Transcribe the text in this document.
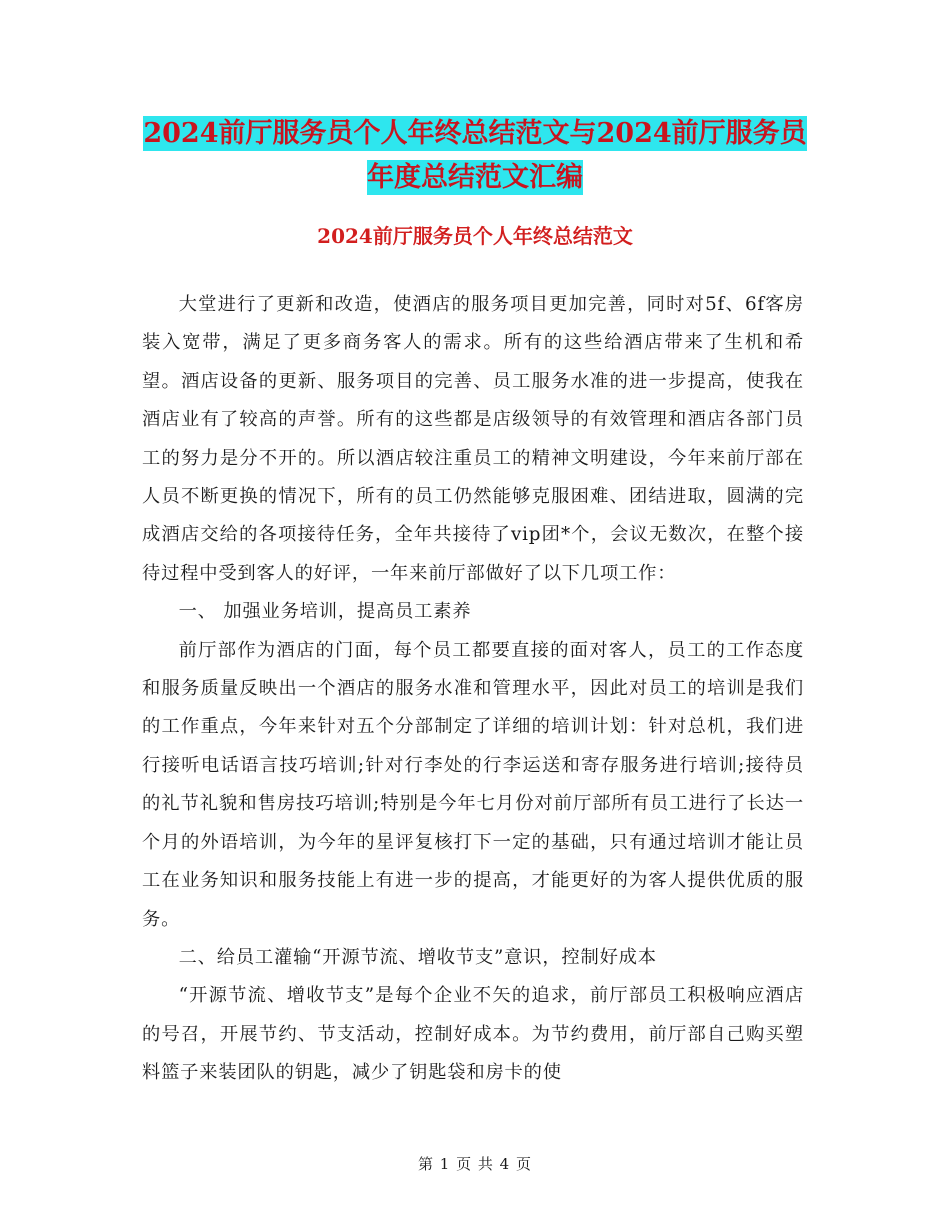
2024前厅服务员个人年终总结范文与2024前厅服务员年度总结范文汇编
2024前厅服务员个人年终总结范文

大堂进行了更新和改造，使酒店的服务项目更加完善，同时对5f、6f客房装入宽带，满足了更多商务客人的需求。所有的这些给酒店带来了生机和希望。酒店设备的更新、服务项目的完善、员工服务水准的进一步提高，使我在酒店业有了较高的声誉。所有的这些都是店级领导的有效管理和酒店各部门员工的努力是分不开的。所以酒店较注重员工的精神文明建设，今年来前厅部在人员不断更换的情况下，所有的员工仍然能够克服困难、团结进取，圆满的完成酒店交给的各项接待任务，全年共接待了vip团*个，会议无数次，在整个接待过程中受到客人的好评，一年来前厅部做好了以下几项工作：

一、 加强业务培训，提高员工素养

前厅部作为酒店的门面，每个员工都要直接的面对客人，员工的工作态度和服务质量反映出一个酒店的服务水准和管理水平，因此对员工的培训是我们的工作重点，今年来针对五个分部制定了详细的培训计划：针对总机，我们进行接听电话语言技巧培训;针对行李处的行李运送和寄存服务进行培训;接待员的礼节礼貌和售房技巧培训;特别是今年七月份对前厅部所有员工进行了长达一个月的外语培训，为今年的星评复核打下一定的基础，只有通过培训才能让员工在业务知识和服务技能上有进一步的提高，才能更好的为客人提供优质的服务。

二、给员工灌输“开源节流、增收节支”意识，控制好成本

“开源节流、增收节支”是每个企业不矢的追求，前厅部员工积极响应酒店的号召，开展节约、节支活动，控制好成本。为节约费用，前厅部自己购买塑料篮子来装团队的钥匙，减少了钥匙袋和房卡的使

第 1 页 共 4 页
